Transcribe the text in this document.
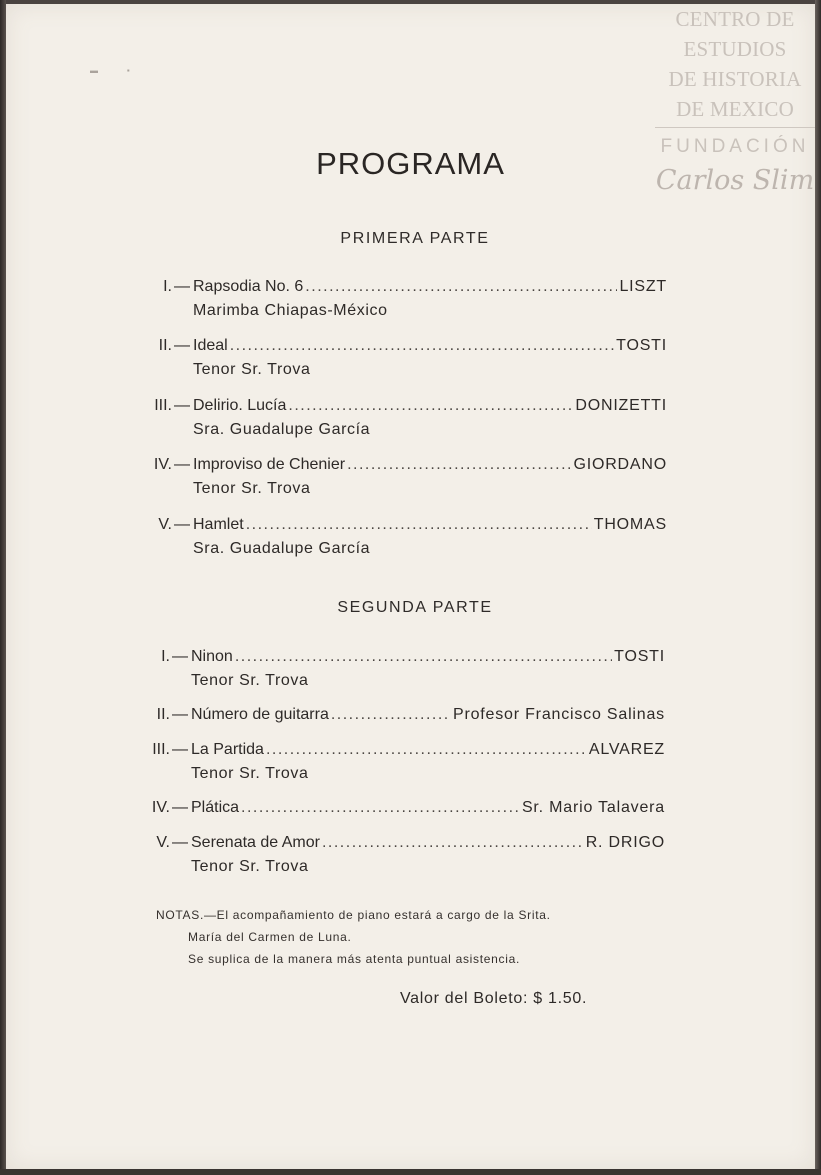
▬             ▪
CENTRO DE
ESTUDIOS
DE HISTORIA
DE MEXICO
FUNDACIÓN
Carlos Slim
PROGRAMA
PRIMERA PARTE
I. — Rapsodia No. 6 .....	LISZT
Marimba Chiapas-México
II. — Ideal .....	TOSTI
Tenor Sr. Trova
III. — Delirio. Lucía .....	DONIZETTI
Sra. Guadalupe García
IV. — Improviso de Chenier .....	GIORDANO
Tenor Sr. Trova
V. — Hamlet .....	THOMAS
Sra. Guadalupe García
SEGUNDA PARTE
I. — Ninon .....	TOSTI
Tenor Sr. Trova
II. — Número de guitarra .....	Profesor Francisco Salinas
III. — La Partida .....	ALVAREZ
Tenor Sr. Trova
IV. — Plática .....	Sr. Mario Talavera
V. — Serenata de Amor .....	R. DRIGO
Tenor Sr. Trova
NOTAS.—El acompañamiento de piano estará a cargo de la Srita.
María del Carmen de Luna.
Se suplica de la manera más atenta puntual asistencia.
Valor del Boleto: $ 1.50.
